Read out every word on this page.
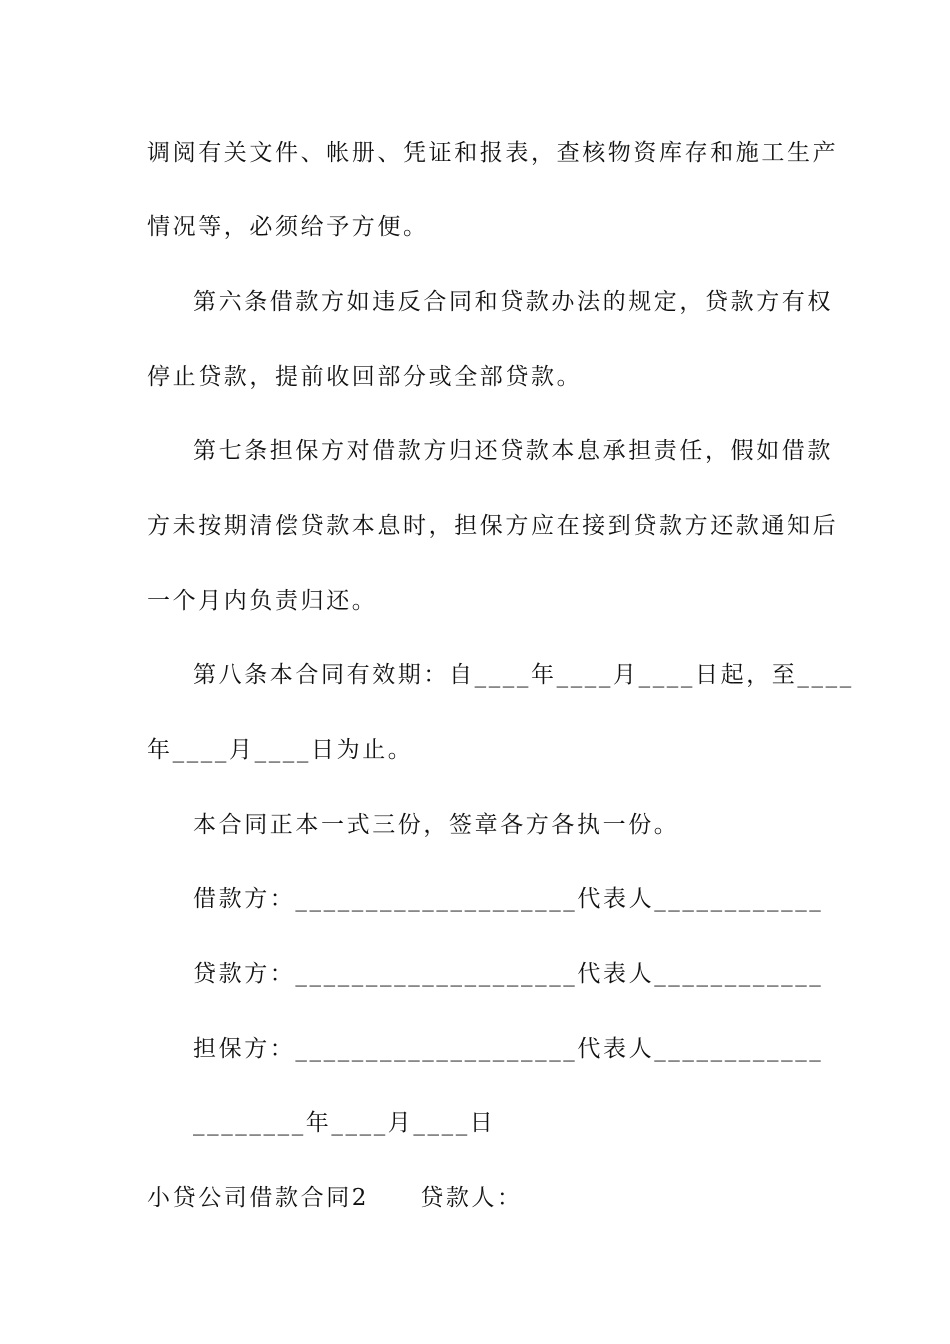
调阅有关文件、帐册、凭证和报表，查核物资库存和施工生产
情况等，必须给予方便。
第六条借款方如违反合同和贷款办法的规定，贷款方有权
停止贷款，提前收回部分或全部贷款。
第七条担保方对借款方归还贷款本息承担责任，假如借款
方未按期清偿贷款本息时，担保方应在接到贷款方还款通知后
一个月内负责归还。
第八条本合同有效期：自____年____月____日起，至____
年____月____日为止。
本合同正本一式三份，签章各方各执一份。
借款方：____________________代表人____________
贷款方：____________________代表人____________
担保方：____________________代表人____________
________年____月____日
小贷公司借款合同2　　贷款人：
